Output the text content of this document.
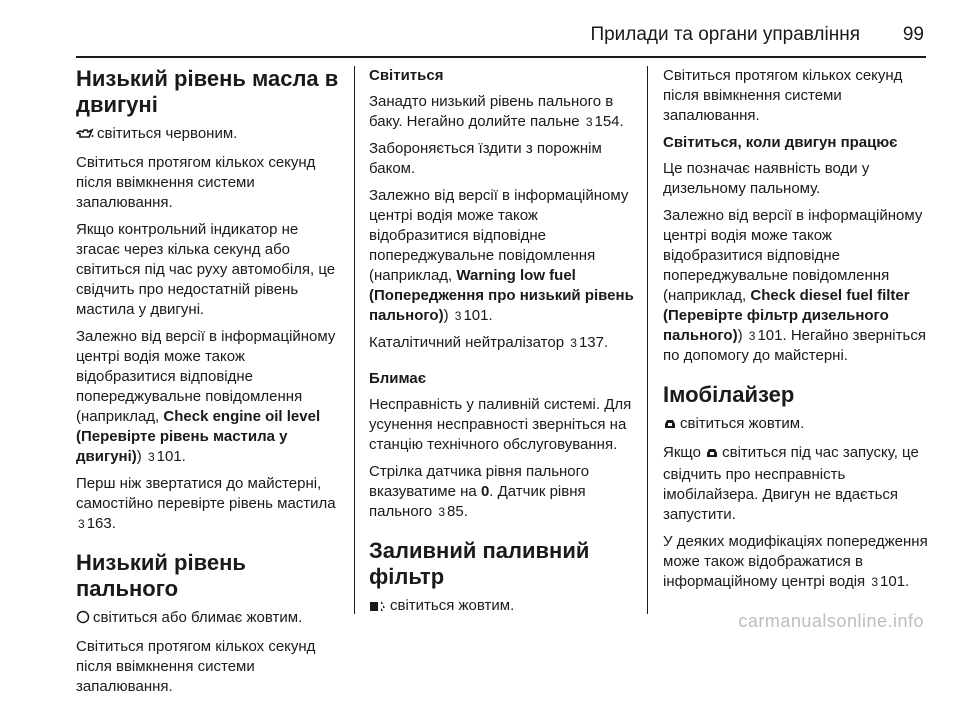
Прилади та органи управління 99
Низький рівень масла в двигуні

світиться червоним.

Світиться протягом кількох секунд після ввімкнення системи запалювання.

Якщо контрольний індикатор не згасає через кілька секунд або світиться під час руху автомобіля, це свідчить про недостатній рівень мастила у двигуні.

Залежно від версії в інформаційному центрі водія може також відобразитися відповідне попереджувальне повідомлення (наприклад, Check engine oil level (Перевірте рівень мастила у двигуні)) 3 101.

Перш ніж звертатися до майстерні, самостійно перевірте рівень мастила 3 163.

Низький рівень пального

світиться або блимає жовтим.

Світиться протягом кількох секунд після ввімкнення системи запалювання.

Світиться

Занадто низький рівень пального в баку. Негайно долийте пальне 3 154.

Забороняється їздити з порожнім баком.

Залежно від версії в інформаційному центрі водія може також відобразитися відповідне попереджувальне повідомлення (наприклад, Warning low fuel (Попередження про низький рівень пального)) 3 101.

Каталітичний нейтралізатор 3 137.

Блимає

Несправність у паливній системі. Для усунення несправності зверніться на станцію технічного обслуговування.

Стрілка датчика рівня пального вказуватиме на 0. Датчик рівня пального 3 85.

Заливний паливний фільтр

світиться жовтим.

Світиться протягом кількох секунд після ввімкнення системи запалювання.

Світиться, коли двигун працює

Це позначає наявність води у дизельному пальному.

Залежно від версії в інформаційному центрі водія може також відобразитися відповідне попереджувальне повідомлення (наприклад, Check diesel fuel filter (Перевірте фільтр дизельного пального)) 3 101. Негайно зверніться по допомогу до майстерні.

Імобілайзер

світиться жовтим.

Якщо світиться під час запуску, це свідчить про несправність імобілайзера. Двигун не вдається запустити.

У деяких модифікаціях попередження може також відображатися в інформаційному центрі водія 3 101.

carmanualsonline.info
